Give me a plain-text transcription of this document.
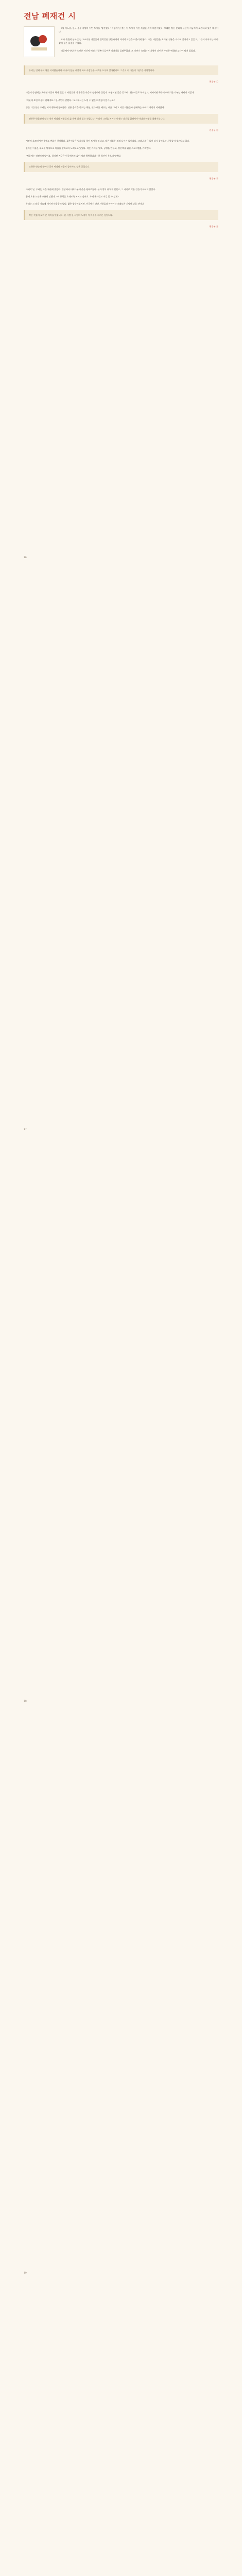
전남 폐재건 시

5월 어느날, 한국 중부 지방의 어떤 도시를 '방문했다.' 이렇게 된 것은 이 도시가 가진 특별한 의미 때문이었다. 오래된 정신 문화의 유산이 지금까지 보존되고 있기 때문이다.

도시 곳곳에 남아 있는 고즈넉한 건물들과 골목길은 방문자에게 과거의 시간을 떠올리게 했다. 마을 사람들은 오래된 전통을 지키며 살아가고 있었고, 그들의 이야기는 하나같이 깊은 울림을 주었다.

이곳에서 만난 한 노인은 자신이 어린 시절부터 들어온 이야기를 들려주었다. 그 이야기 속에는 이 지역이 겪어온 수많은 변화와 고난이 담겨 있었다.

우리는 언제나 이 땅을 지켜왔습니다. 아무리 힘든 시절이 와도 사람들은 서로를 도우며 살아왔지요. 그것이 이 마을의 가장 큰 자랑입니다.

편집부 ①

마을의 중심에는 오래된 우물이 하나 있었다. 사람들은 이 우물을 마을의 심장이라 불렀다. 아침이면 물을 길으러 나온 이들로 북적였고, 저녁이면 하루의 이야기를 나누는 자리가 되었다.

"이곳에 오면 마음이 편해져요." 한 주민이 말했다. "도시에서는 느낄 수 없는 따뜻함이 있거든요."

방문 기간 동안 우리는 여러 행사에 참여했다. 전통 음식을 만드는 체험, 옛 노래를 배우는 시간, 그리고 마을 어른들과 함께하는 이야기 마당이 이어졌다.

전통은 박물관에 있는 것이 아니라 사람들의 삶 속에 살아 있는 것입니다. 우리가 그것을 지키는 이유는 과거를 위해서가 아니라 미래를 위해서입니다.

편집부 ②

시간이 흐르면서 마을에도 변화가 찾아왔다. 젊은이들은 일자리를 찾아 도시로 떠났고, 남은 이들은 점점 나이가 들어갔다. 그러나 최근 들어 다시 돌아오는 사람들이 생겨나고 있다.

돌아온 이들은 새로운 방식으로 마을을 살리고자 노력하고 있었다. 작은 카페를 열고, 공방을 만들고, 방문객을 위한 프로그램을 기획했다.

"처음에는 걱정이 많았어요. 하지만 지금은 이곳에서의 삶이 정말 행복합니다." 한 청년이 웃으며 말했다.

고향은 단순히 태어난 곳이 아니라 마음이 돌아가고 싶은 곳입니다.

편집부 ③

마지막 날, 우리는 마을 뒷산에 올랐다. 정상에서 내려다본 마을은 평화로웠다. 논과 밭이 펼쳐져 있었고, 그 사이로 작은 길들이 이어져 있었다.

함께 오른 노인은 조용히 말했다. "이 풍경을 오래도록 지키고 싶어요. 우리 손자들도 이걸 볼 수 있게."

우리는 그 말을 가슴에 새기며 마을을 떠났다. 짧은 방문이었지만, 이곳에서 만난 사람들과 이야기는 오래도록 기억에 남을 것이다.

작은 것들이 모여 큰 의미를 만듭니다. 한 사람 한 사람의 노력이 이 마을을 지켜온 힘입니다.

편집부 ④
16
17
18
19
